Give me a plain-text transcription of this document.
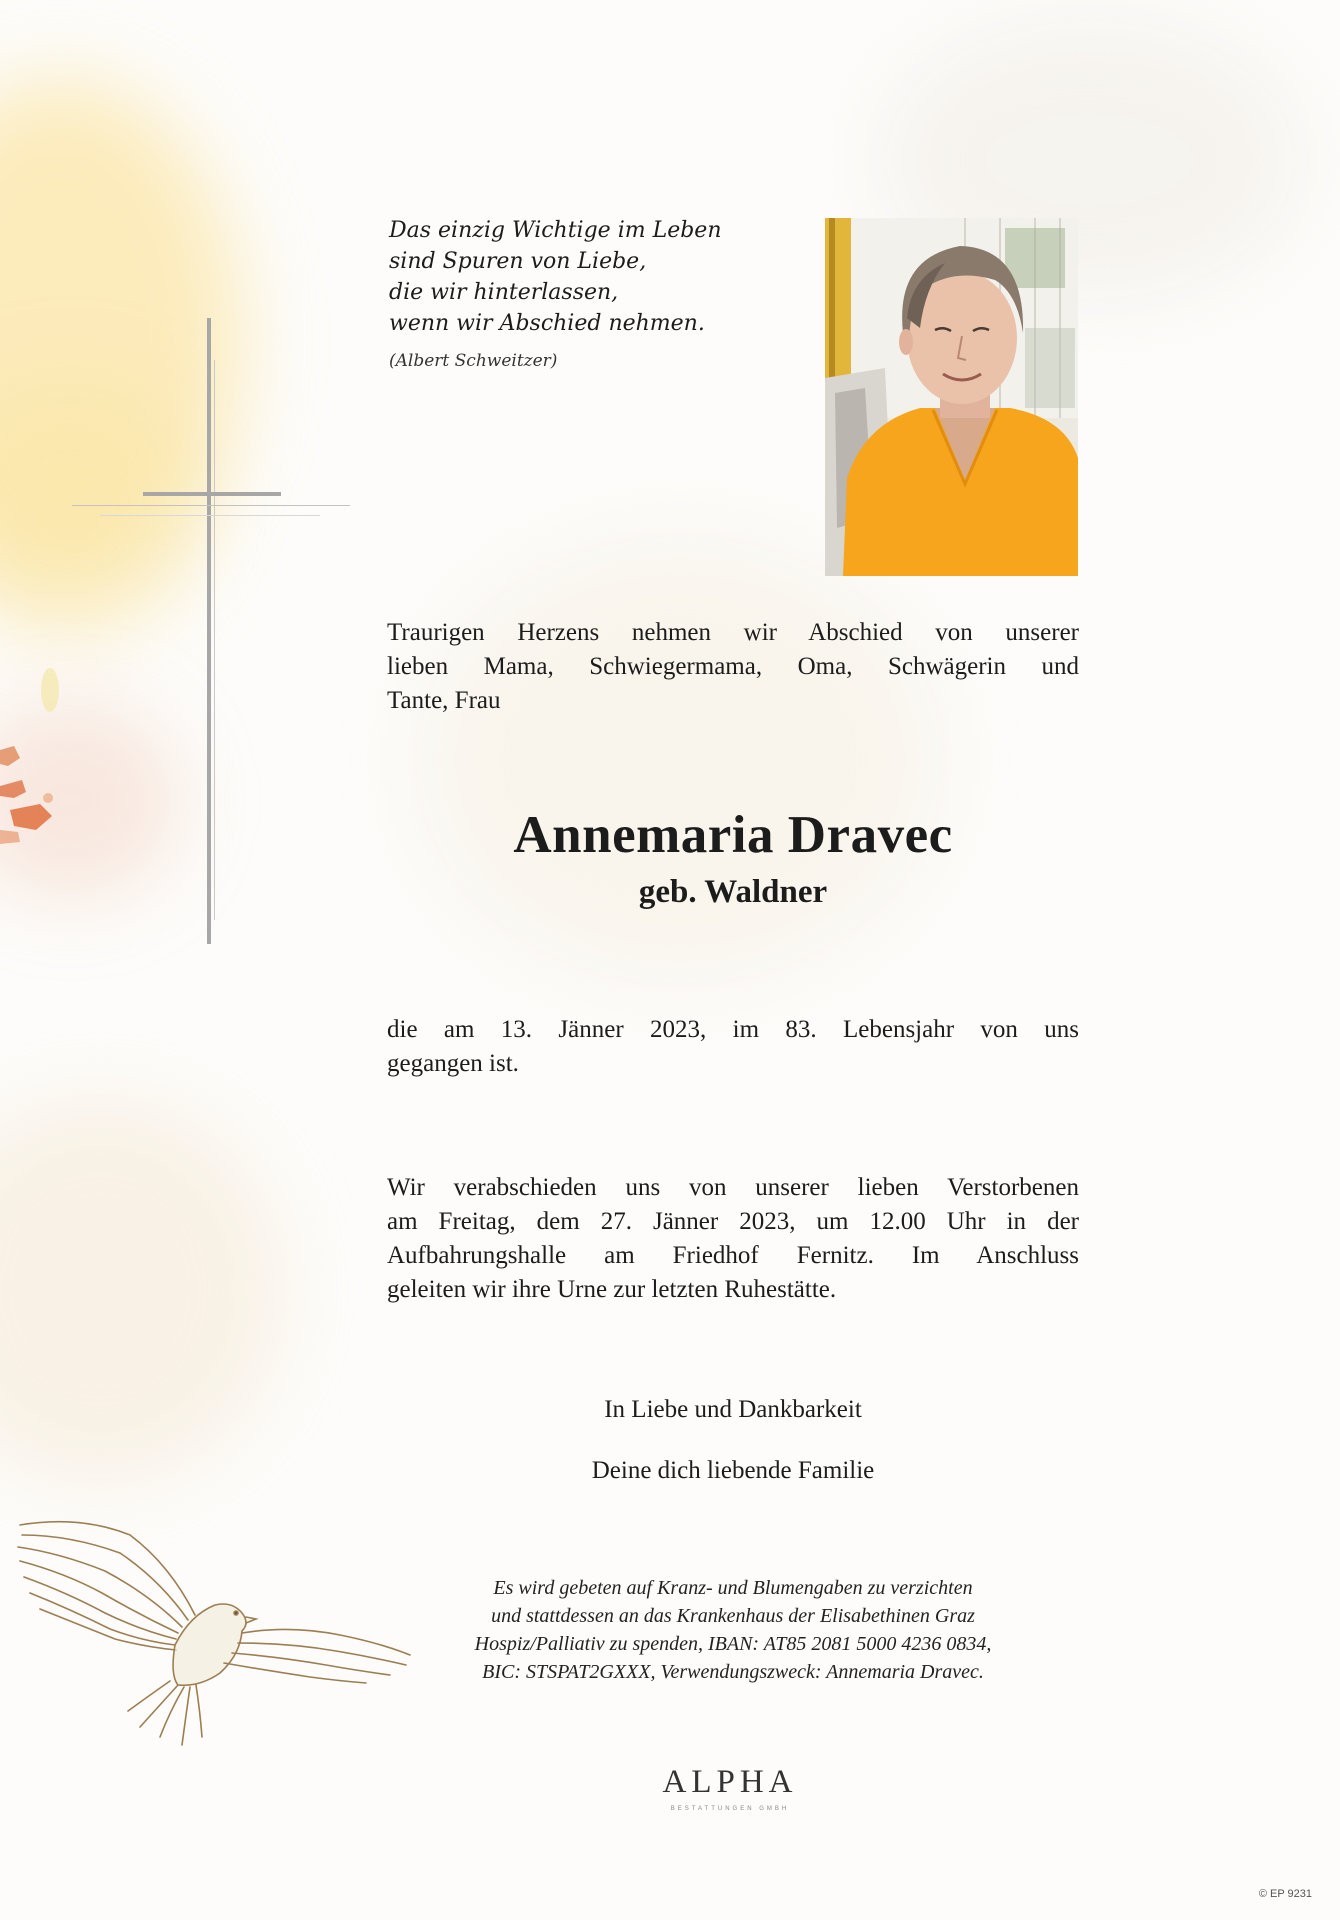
Das einzig Wichtige im Leben
sind Spuren von Liebe,
die wir hinterlassen,
wenn wir Abschied nehmen.
(Albert Schweitzer)
Traurigen Herzens nehmen wir Abschied von unserer
lieben Mama, Schwiegermama, Oma, Schwägerin und
Tante, Frau
Annemaria Dravec
geb. Waldner
die am 13. Jänner 2023, im 83. Lebensjahr von uns
gegangen ist.
Wir verabschieden uns von unserer lieben Verstorbenen
am Freitag, dem 27. Jänner 2023, um 12.00 Uhr in der
Aufbahrungshalle am Friedhof Fernitz. Im Anschluss
geleiten wir ihre Urne zur letzten Ruhestätte.
In Liebe und Dankbarkeit
Deine dich liebende Familie
Es wird gebeten auf Kranz- und Blumengaben zu verzichten
und stattdessen an das Krankenhaus der Elisabethinen Graz
Hospiz/Palliativ zu spenden, IBAN: AT85 2081 5000 4236 0834,
BIC: STSPAT2GXXX, Verwendungszweck: Annemaria Dravec.
ALPHA
BESTATTUNGEN GMBH
© EP 9231
